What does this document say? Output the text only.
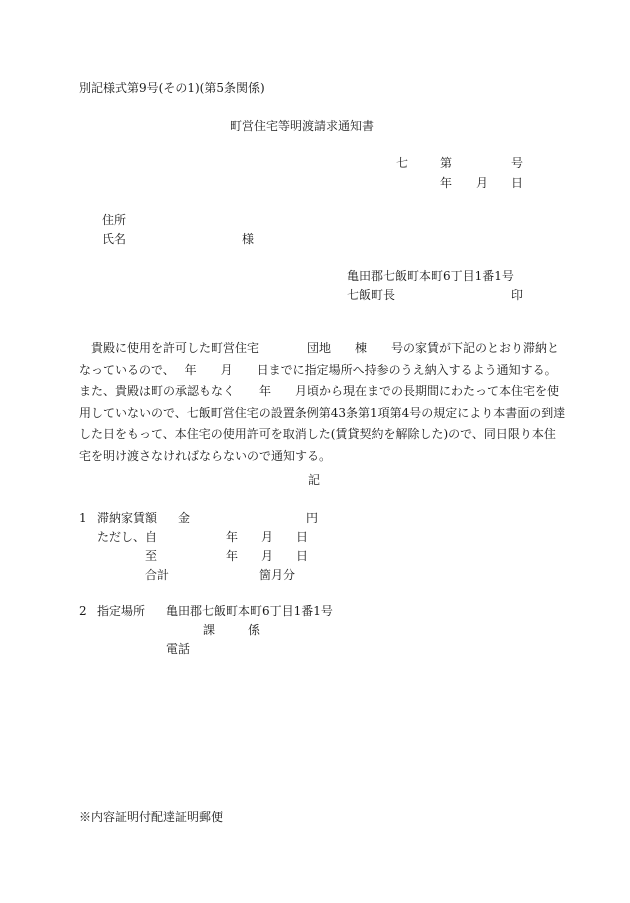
別記様式第9号(その1)(第5条関係)
町営住宅等明渡請求通知書
七	第	号
年 月 日
住所
氏名	様
亀田郡七飯町本町6丁目1番1号
七飯町長	印
　貴殿に使用を許可した町営住宅　　　　団地　　棟　　号の家賃が下記のとおり滞納と
なっているので、　 年　　月　　日までに指定場所へ持参のうえ納入するよう通知する。
また、貴殿は町の承認もなく　　年　　月頃から現在までの長期間にわたって本住宅を使
用していないので、七飯町営住宅の設置条例第43条第1項第4号の規定により本書面の到達
した日をもって、本住宅の使用許可を取消した(賃貸契約を解除した)ので、同日限り本住
宅を明け渡さなければならないので通知する。
記
1 滞納家賃額 金	円
ただし、自	年 月 日
至	年 月 日
合計	箇月分
2 指定場所 亀田郡七飯町本町6丁目1番1号
課	係
電話
※内容証明付配達証明郵便
